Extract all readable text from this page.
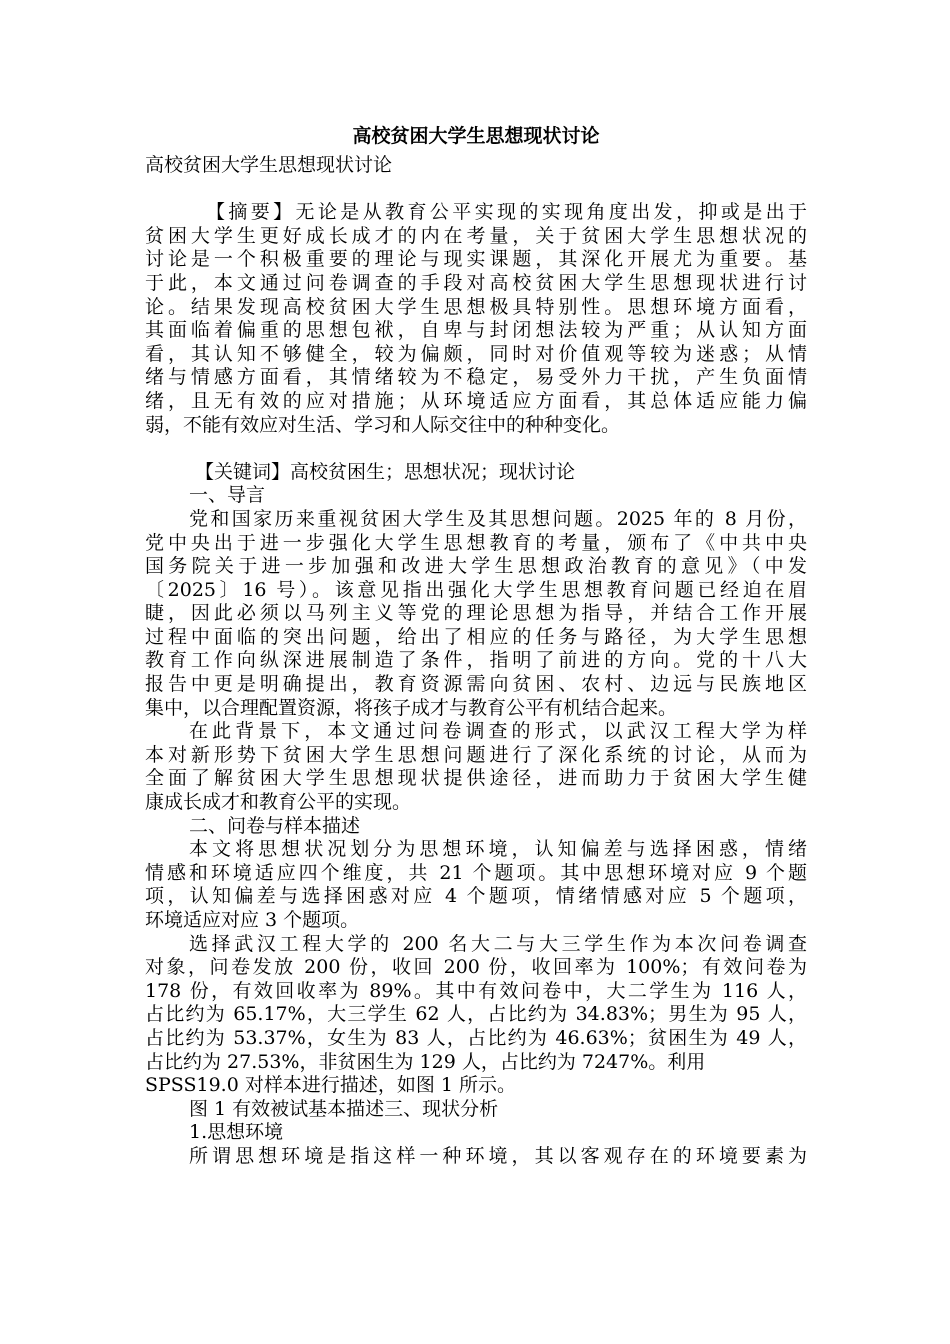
高校贫困大学生思想现状讨论

高校贫困大学生思想现状讨论

【摘要】无论是从教育公平实现的实现角度出发，抑或是出于

贫困大学生更好成长成才的内在考量，关于贫困大学生思想状况的

讨论是一个积极重要的理论与现实课题，其深化开展尤为重要。基

于此，本文通过问卷调查的手段对高校贫困大学生思想现状进行讨

论。结果发现高校贫困大学生思想极具特别性。思想环境方面看，

其面临着偏重的思想包袱，自卑与封闭想法较为严重；从认知方面

看，其认知不够健全，较为偏颇，同时对价值观等较为迷惑；从情

绪与情感方面看，其情绪较为不稳定，易受外力干扰，产生负面情

绪，且无有效的应对措施；从环境适应方面看，其总体适应能力偏

弱，不能有效应对生活、学习和人际交往中的种种变化。

【关键词】高校贫困生；思想状况；现状讨论

一、导言

党和国家历来重视贫困大学生及其思想问题。2025 年的 8 月份，

党中央出于进一步强化大学生思想教育的考量，颁布了《中共中央

国务院关于进一步加强和改进大学生思想政治教育的意见》（中发

〔2025〕16 号）。该意见指出强化大学生思想教育问题已经迫在眉

睫，因此必须以马列主义等党的理论思想为指导，并结合工作开展

过程中面临的突出问题，给出了相应的任务与路径，为大学生思想

教育工作向纵深进展制造了条件，指明了前进的方向。党的十八大

报告中更是明确提出，教育资源需向贫困、农村、边远与民族地区

集中，以合理配置资源，将孩子成才与教育公平有机结合起来。

在此背景下，本文通过问卷调查的形式，以武汉工程大学为样

本对新形势下贫困大学生思想问题进行了深化系统的讨论，从而为

全面了解贫困大学生思想现状提供途径，进而助力于贫困大学生健

康成长成才和教育公平的实现。

二、问卷与样本描述

本文将思想状况划分为思想环境，认知偏差与选择困惑，情绪

情感和环境适应四个维度，共 21 个题项。其中思想环境对应 9 个题

项，认知偏差与选择困惑对应 4 个题项，情绪情感对应 5 个题项，

环境适应对应 3 个题项。

选择武汉工程大学的 200 名大二与大三学生作为本次问卷调查

对象，问卷发放 200 份，收回 200 份，收回率为 100%；有效问卷为

178 份，有效回收率为 89%。其中有效问卷中，大二学生为 116 人，

占比约为 65.17%，大三学生 62 人，占比约为 34.83%；男生为 95 人，

占比约为 53.37%，女生为 83 人，占比约为 46.63%；贫困生为 49 人，

占比约为 27.53%，非贫困生为 129 人，占比约为 7247%。利用

SPSS19.0 对样本进行描述，如图 1 所示。

图 1 有效被试基本描述三、现状分析

1.思想环境

所谓思想环境是指这样一种环境，其以客观存在的环境要素为
